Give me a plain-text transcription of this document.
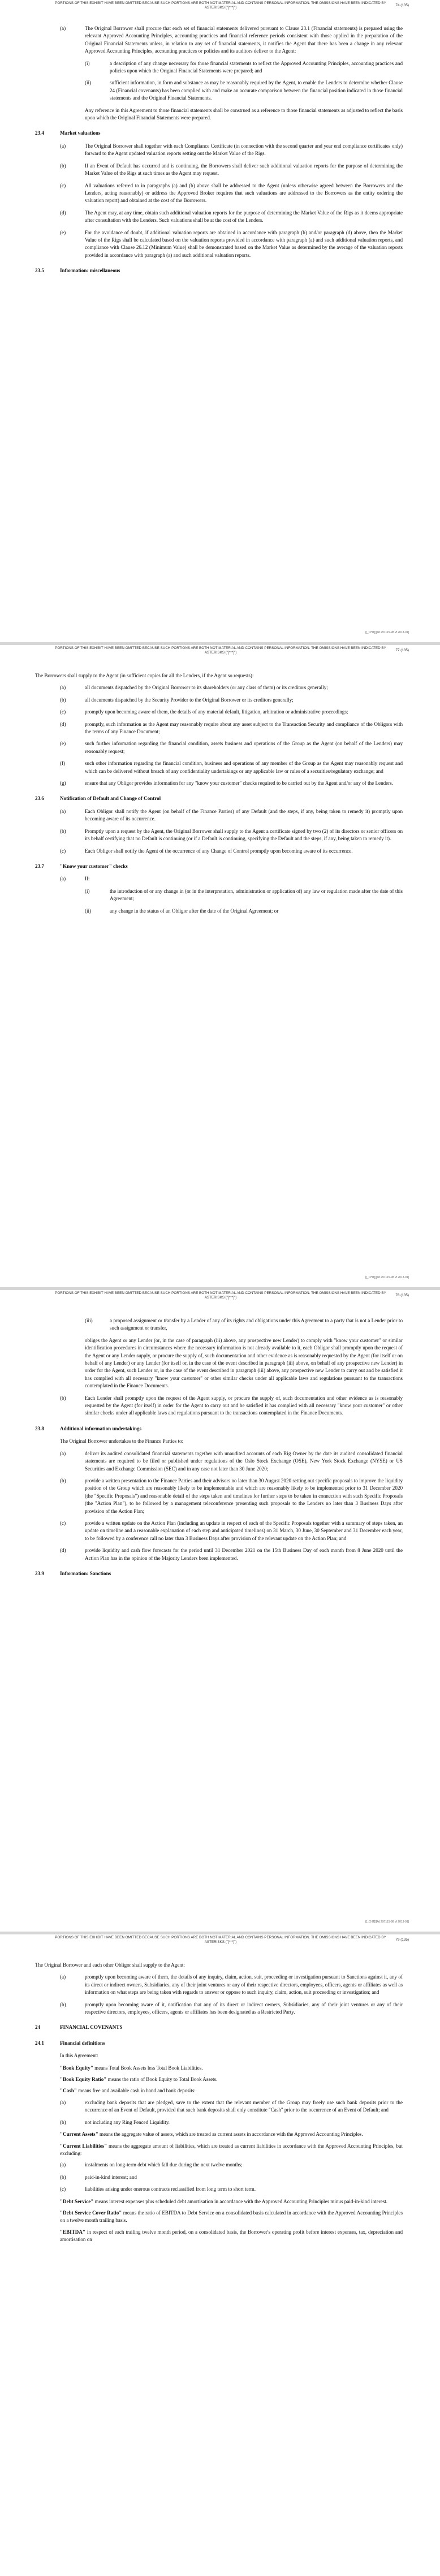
PORTIONS OF THIS EXHIBIT HAVE BEEN OMITTED BECAUSE SUCH PORTIONS ARE BOTH NOT MATERIAL AND CONTAINS PERSONAL INFORMATION. THE OMISSIONS HAVE BEEN INDICATED BY ASTERISKS ("[***]")
74 (135)
(a)	The Original Borrower shall procure that each set of financial statements delivered pursuant to Clause 23.1 (Financial statements) is prepared using the relevant Approved Accounting Principles, accounting practices and financial reference periods consistent with those applied in the preparation of the Original Financial Statements unless, in relation to any set of financial statements, it notifies the Agent that there has been a change in any relevant Approved Accounting Principles, accounting practices or policies and its auditors deliver to the Agent:
(i)	a description of any change necessary for those financial statements to reflect the Approved Accounting Principles, accounting practices and policies upon which the Original Financial Statements were prepared; and
(ii)	sufficient information, in form and substance as may be reasonably required by the Agent, to enable the Lenders to determine whether Clause 24 (Financial covenants) has been complied with and make an accurate comparison between the financial position indicated in those financial statements and the Original Financial Statements.
Any reference in this Agreement to those financial statements shall be construed as a reference to those financial statements as adjusted to reflect the basis upon which the Original Financial Statements were prepared.
23.4	Market valuations
(a)	The Original Borrower shall together with each Compliance Certificate (in connection with the second quarter and year end compliance certificates only) forward to the Agent updated valuation reports setting out the Market Value of the Rigs.
(b)	If an Event of Default has occurred and is continuing, the Borrowers shall deliver such additional valuation reports for the purpose of determining the Market Value of the Rigs at such times as the Agent may request.
(c)	All valuations referred to in paragraphs (a) and (b) above shall be addressed to the Agent (unless otherwise agreed between the Borrowers and the Lenders, acting reasonably) or address the Approved Broker requires that such valuations are addressed to the Borrowers as the entity ordering the valuation report) and obtained at the cost of the Borrowers.
(d)	The Agent may, at any time, obtain such additional valuation reports for the purpose of determining the Market Value of the Rigs as it deems appropriate after consultation with the Lenders. Such valuations shall be at the cost of the Lenders.
(e)	For the avoidance of doubt, if additional valuation reports are obtained in accordance with paragraph (b) and/or paragraph (d) above, then the Market Value of the Rigs shall be calculated based on the valuation reports provided in accordance with paragraph (a) and such additional valuation reports, and compliance with Clause 26.12 (Minimum Value) shall be demonstrated based on the Market Value as determined by the average of the valuation reports provided in accordance with paragraph (a) and such additional valuation reports.
23.5	Information: miscellaneous
[[_CHT]][4d 297115-98 vf 2013-01]
PORTIONS OF THIS EXHIBIT HAVE BEEN OMITTED BECAUSE SUCH PORTIONS ARE BOTH NOT MATERIAL AND CONTAINS PERSONAL INFORMATION. THE OMISSIONS HAVE BEEN INDICATED BY ASTERISKS ("[***]")
77 (135)
The Borrowers shall supply to the Agent (in sufficient copies for all the Lenders, if the Agent so requests):
(a)	all documents dispatched by the Original Borrower to its shareholders (or any class of them) or its creditors generally;
(b)	all documents dispatched by the Security Provider to the Original Borrower or its creditors generally;
(c)	promptly upon becoming aware of them, the details of any material default, litigation, arbitration or administrative proceedings;
(d)	promptly, such information as the Agent may reasonably require about any asset subject to the Transaction Security and compliance of the Obligors with the terms of any Finance Document;
(e)	such further information regarding the financial condition, assets business and operations of the Group as the Agent (on behalf of the Lenders) may reasonably request;
(f)	such other information regarding the financial condition, business and operations of any member of the Group as the Agent may reasonably request and which can be delivered without breach of any confidentiality undertakings or any applicable law or rules of a securities/regulatory exchange; and
(g)	ensure that any Obligor provides information for any "know your customer" checks required to be carried out by the Agent and/or any of the Lenders.
23.6	Notification of Default and Change of Control
(a)	Each Obligor shall notify the Agent (on behalf of the Finance Parties) of any Default (and the steps, if any, being taken to remedy it) promptly upon becoming aware of its occurrence.
(b)	Promptly upon a request by the Agent, the Original Borrower shall supply to the Agent a certificate signed by two (2) of its directors or senior officers on its behalf certifying that no Default is continuing (or if a Default is continuing, specifying the Default and the steps, if any, being taken to remedy it).
(c)	Each Obligor shall notify the Agent of the occurrence of any Change of Control promptly upon becoming aware of its occurrence.
23.7	"Know your customer" checks
(a)	If:
(i)	the introduction of or any change in (or in the interpretation, administration or application of) any law or regulation made after the date of this Agreement;
(ii)	any change in the status of an Obligor after the date of the Original Agreement; or
[[_CHT]][4d 297115-98 vf 2013-01]
PORTIONS OF THIS EXHIBIT HAVE BEEN OMITTED BECAUSE SUCH PORTIONS ARE BOTH NOT MATERIAL AND CONTAINS PERSONAL INFORMATION. THE OMISSIONS HAVE BEEN INDICATED BY ASTERISKS ("[***]")
78 (135)
(iii)	a proposed assignment or transfer by a Lender of any of its rights and obligations under this Agreement to a party that is not a Lender prior to such assignment or transfer,
obliges the Agent or any Lender (or, in the case of paragraph (iii) above, any prospective new Lender) to comply with "know your customer" or similar identification procedures in circumstances where the necessary information is not already available to it, each Obligor shall promptly upon the request of the Agent or any Lender supply, or procure the supply of, such documentation and other evidence as is reasonably requested by the Agent (for itself or on behalf of any Lender) or any Lender (for itself or, in the case of the event described in paragraph (iii) above, on behalf of any prospective new Lender) in order for the Agent, such Lender or, in the case of the event described in paragraph (iii) above, any prospective new Lender to carry out and be satisfied it has complied with all necessary "know your customer" or other similar checks under all applicable laws and regulations pursuant to the transactions contemplated in the Finance Documents.
(b)	Each Lender shall promptly upon the request of the Agent supply, or procure the supply of, such documentation and other evidence as is reasonably requested by the Agent (for itself) in order for the Agent to carry out and be satisfied it has complied with all necessary "know your customer" or other similar checks under all applicable laws and regulations pursuant to the transactions contemplated in the Finance Documents.
23.8	Additional information undertakings
The Original Borrower undertakes to the Finance Parties to:
(a)	deliver its audited consolidated financial statements together with unaudited accounts of each Rig Owner by the date its audited consolidated financial statements are required to be filed or published under regulations of the Oslo Stock Exchange (OSE), New York Stock Exchange (NYSE) or US Securities and Exchange Commission (SEC) and in any case not later than 30 June 2020;
(b)	provide a written presentation to the Finance Parties and their advisors no later than 30 August 2020 setting out specific proposals to improve the liquidity position of the Group which are reasonably likely to be implementable and which are reasonably likely to be implemented prior to 31 December 2020 (the "Specific Proposals") and reasonable detail of the steps taken and timelines for further steps to be taken in connection with such Specific Proposals (the "Action Plan"), to be followed by a management teleconference presenting such proposals to the Lenders no later than 3 Business Days after provision of the Action Plan;
(c)	provide a written update on the Action Plan (including an update in respect of each of the Specific Proposals together with a summary of steps taken, an update on timeline and a reasonable explanation of each step and anticipated timelines) on 31 March, 30 June, 30 September and 31 December each year, to be followed by a conference call no later than 3 Business Days after provision of the relevant update on the Action Plan; and
(d)	provide liquidity and cash flow forecasts for the period until 31 December 2021 on the 15th Business Day of each month from 8 June 2020 until the Action Plan has in the opinion of the Majority Lenders been implemented.
23.9	Information: Sanctions
[[_CHT]][4d 297115-98 vf 2013-01]
PORTIONS OF THIS EXHIBIT HAVE BEEN OMITTED BECAUSE SUCH PORTIONS ARE BOTH NOT MATERIAL AND CONTAINS PERSONAL INFORMATION. THE OMISSIONS HAVE BEEN INDICATED BY ASTERISKS ("[***]")
79 (135)
The Original Borrower and each other Obligor shall supply to the Agent:
(a)	promptly upon becoming aware of them, the details of any inquiry, claim, action, suit, proceeding or investigation pursuant to Sanctions against it, any of its direct or indirect owners, Subsidiaries, any of their joint ventures or any of their respective directors, employees, officers, agents or affiliates as well as information on what steps are being taken with regards to answer or oppose to such inquiry, claim, action, suit proceeding or investigation; and
(b)	promptly upon becoming aware of it, notification that any of its direct or indirect owners, Subsidiaries, any of their joint ventures or any of their respective directors, employees, officers, agents or affiliates has been designated as a Restricted Party.
24	FINANCIAL COVENANTS
24.1	Financial definitions
In this Agreement:
"Book Equity" means Total Book Assets less Total Book Liabilities.
"Book Equity Ratio" means the ratio of Book Equity to Total Book Assets.
"Cash" means free and available cash in hand and bank deposits:
(a)	excluding bank deposits that are pledged, save to the extent that the relevant member of the Group may freely use such bank deposits prior to the occurrence of an Event of Default, provided that such bank deposits shall only constitute "Cash" prior to the occurrence of an Event of Default; and
(b)	not including any Ring Fenced Liquidity.
"Current Assets" means the aggregate value of assets, which are treated as current assets in accordance with the Approved Accounting Principles.
"Current Liabilities" means the aggregate amount of liabilities, which are treated as current liabilities in accordance with the Approved Accounting Principles, but excluding:
(a)	instalments on long-term debt which fall due during the next twelve months;
(b)	paid-in-kind interest; and
(c)	liabilities arising under onerous contracts reclassified from long term to short term.
"Debt Service" means interest expenses plus scheduled debt amortisation in accordance with the Approved Accounting Principles minus paid-in-kind interest.
"Debt Service Cover Ratio" means the ratio of EBITDA to Debt Service on a consolidated basis calculated in accordance with the Approved Accounting Principles on a twelve month trailing basis.
"EBITDA" in respect of each trailing twelve month period, on a consolidated basis, the Borrower's operating profit before interest expenses, tax, depreciation and amortisation on
